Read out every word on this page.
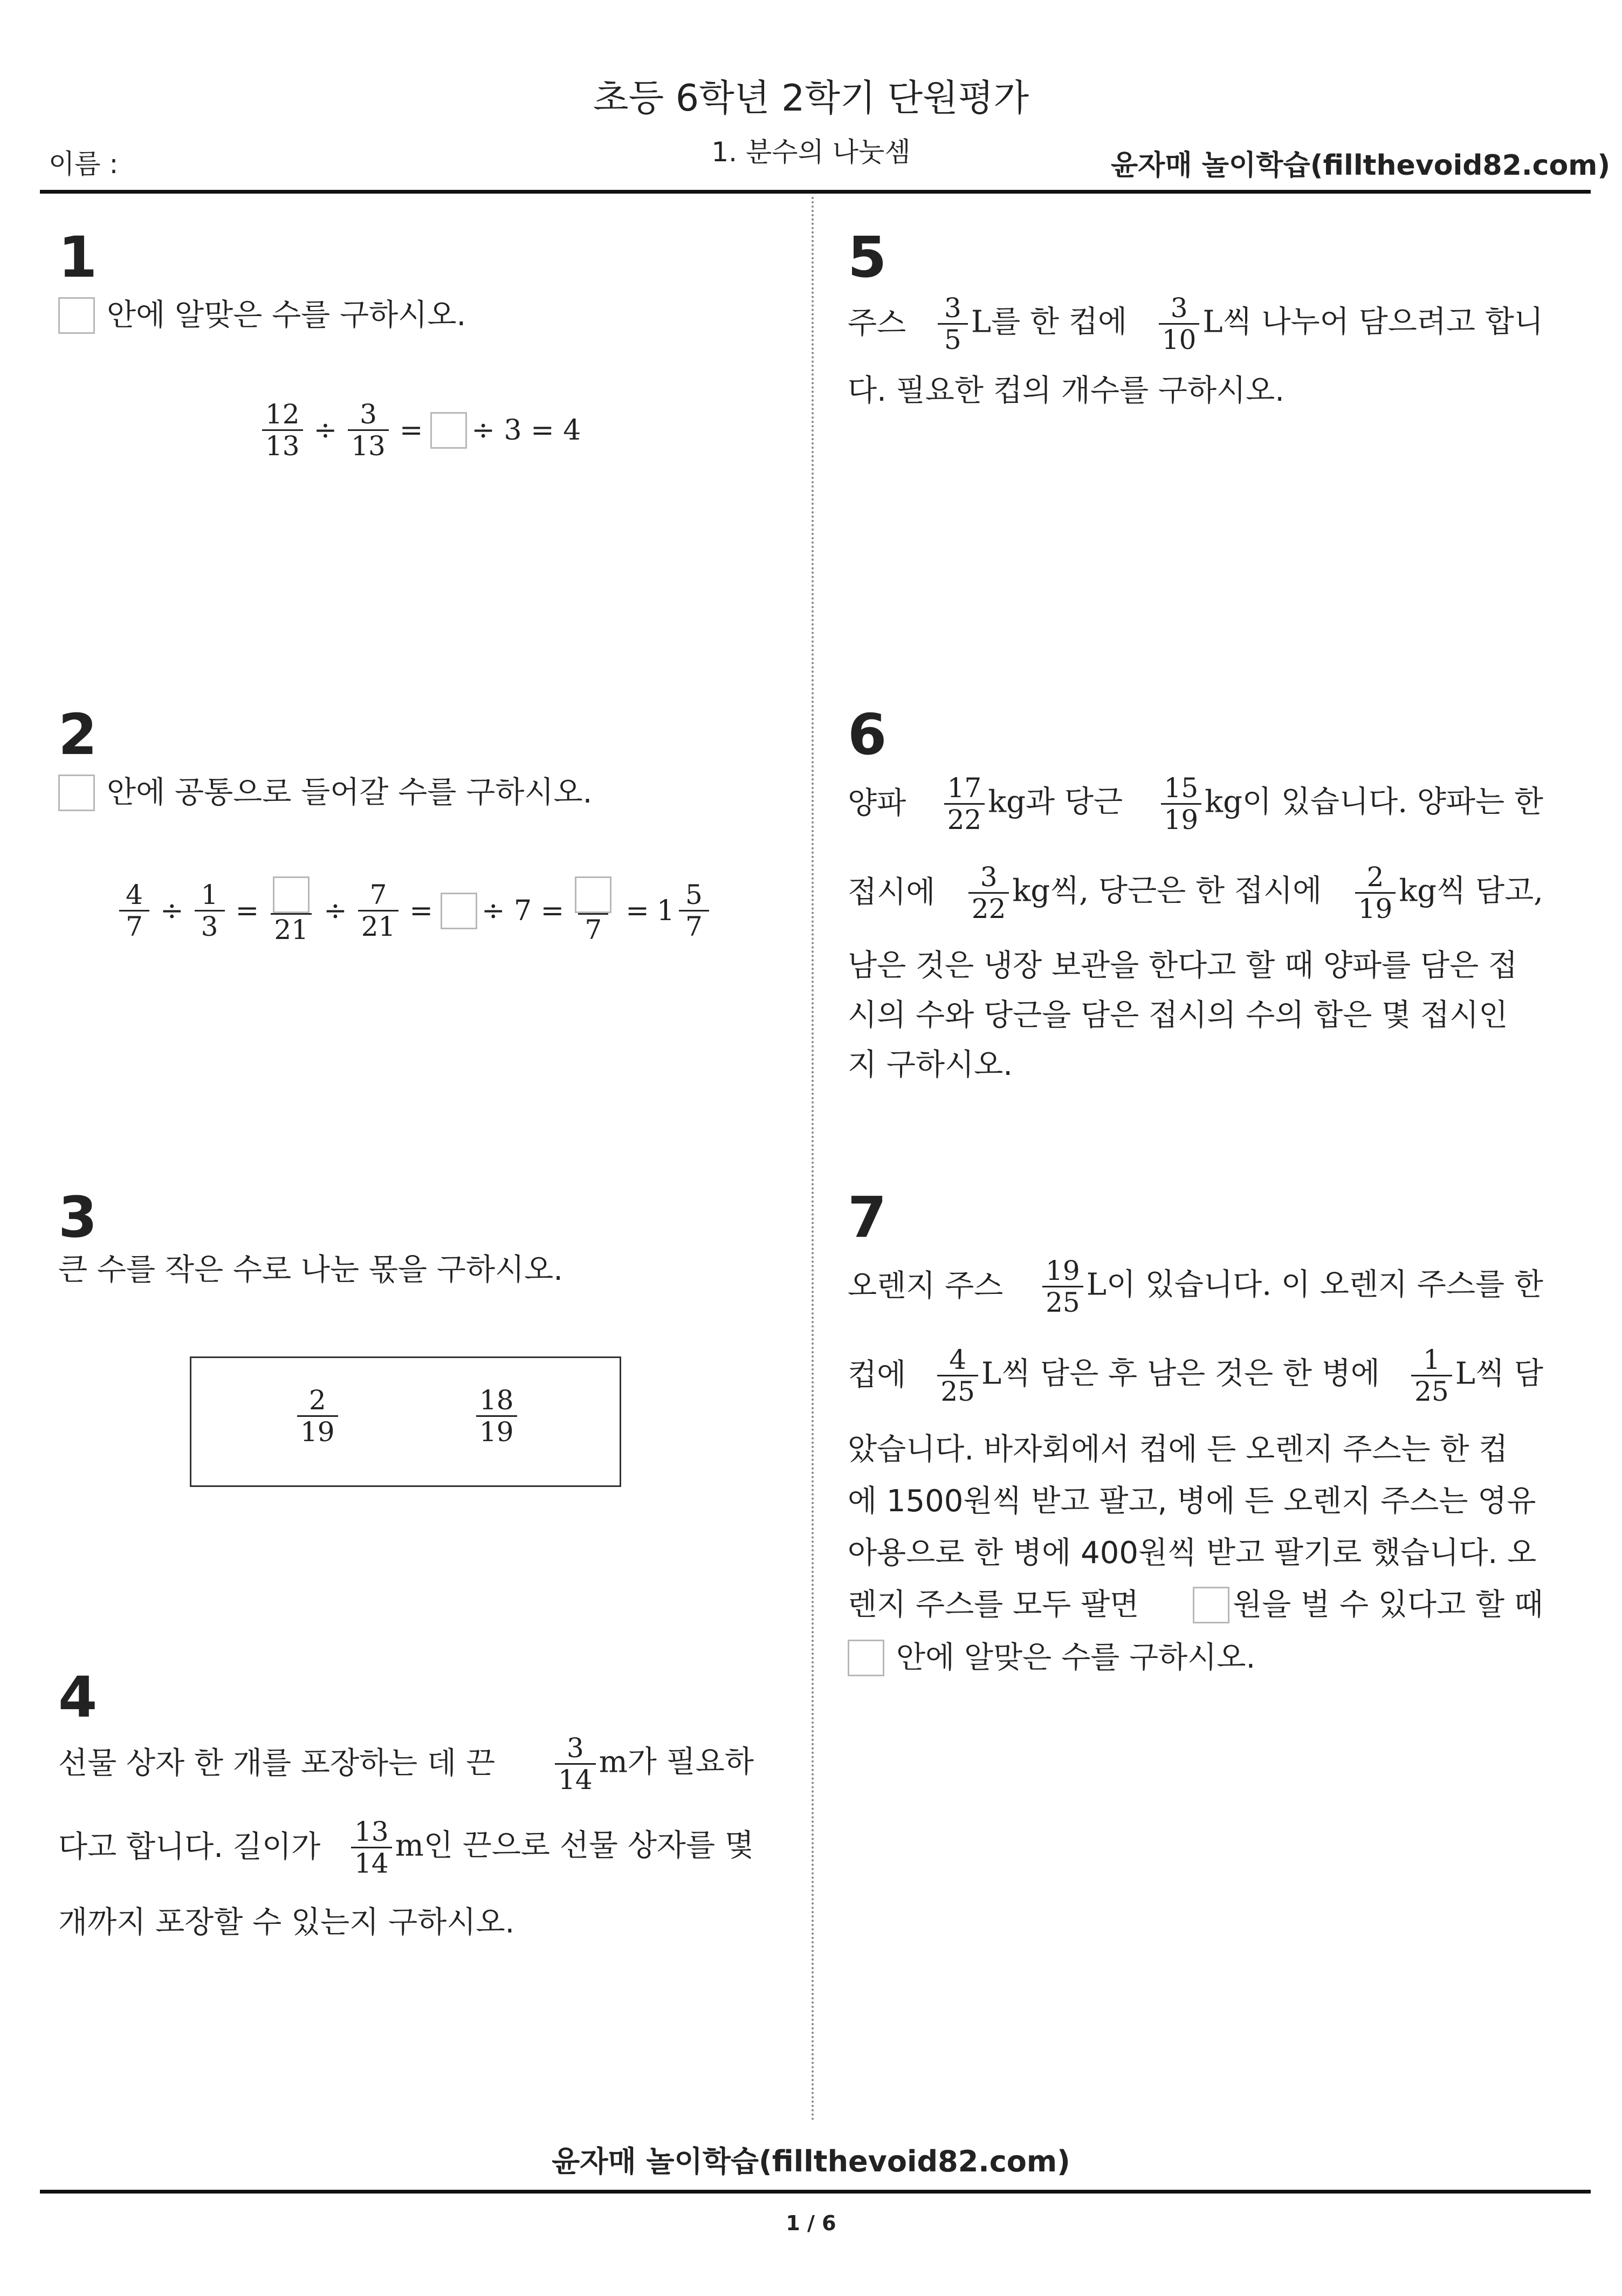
초등 6학년 2학기 단원평가
1. 분수의 나눗셈
이름 :	윤자매 놀이학습(fillthevoid82.com)
1
안에 알맞은 수를 구하시오.
$\frac{12}{13} \div \frac{3}{13}$ = ÷ 3 = 4
2
안에 공통으로 들어갈 수를 구하시오.
$\frac{4}{7} \div \frac{1}{3}$ =
21
÷ $\frac{7}{21}$ = ÷ 7 =
7
= $1 \frac{5}{7}$
3
큰 수를 작은 수로 나눈 몫을 구하시오.
$\frac{2}{19}$	$\frac{18}{19}$
4
선물 상자 한 개를 포장하는 데 끈 $\frac{3}{14}$ m가 필요하
다고 합니다. 길이가 $\frac{13}{14}$ m인 끈으로 선물 상자를 몇
개까지 포장할 수 있는지 구하시오.
5
주스 $\frac{3}{5}$ L를 한 컵에 $\frac{3}{10}$ L씩 나누어 담으려고 합니
다. 필요한 컵의 개수를 구하시오.
6
양파 $\frac{17}{22}$ kg과 당근 $\frac{15}{19}$ kg이 있습니다. 양파는 한
접시에 $\frac{3}{22}$ kg씩, 당근은 한 접시에 $\frac{2}{19}$ kg씩 담고,
남은 것은 냉장 보관을 한다고 할 때 양파를 담은 접
시의 수와 당근을 담은 접시의 수의 합은 몇 접시인
지 구하시오.
7
오렌지 주스 $\frac{19}{25}$ L이 있습니다. 이 오렌지 주스를 한
컵에 $\frac{4}{25}$ L씩 담은 후 남은 것은 한 병에 $\frac{1}{25}$ L씩 담
았습니다. 바자회에서 컵에 든 오렌지 주스는 한 컵
에 1500원씩 받고 팔고, 병에 든 오렌지 주스는 영유
아용으로 한 병에 400원씩 받고 팔기로 했습니다. 오
렌지 주스를 모두 팔면	원을 벌 수 있다고 할 때
안에 알맞은 수를 구하시오.
윤자매 놀이학습(fillthevoid82.com)
1 / 6
